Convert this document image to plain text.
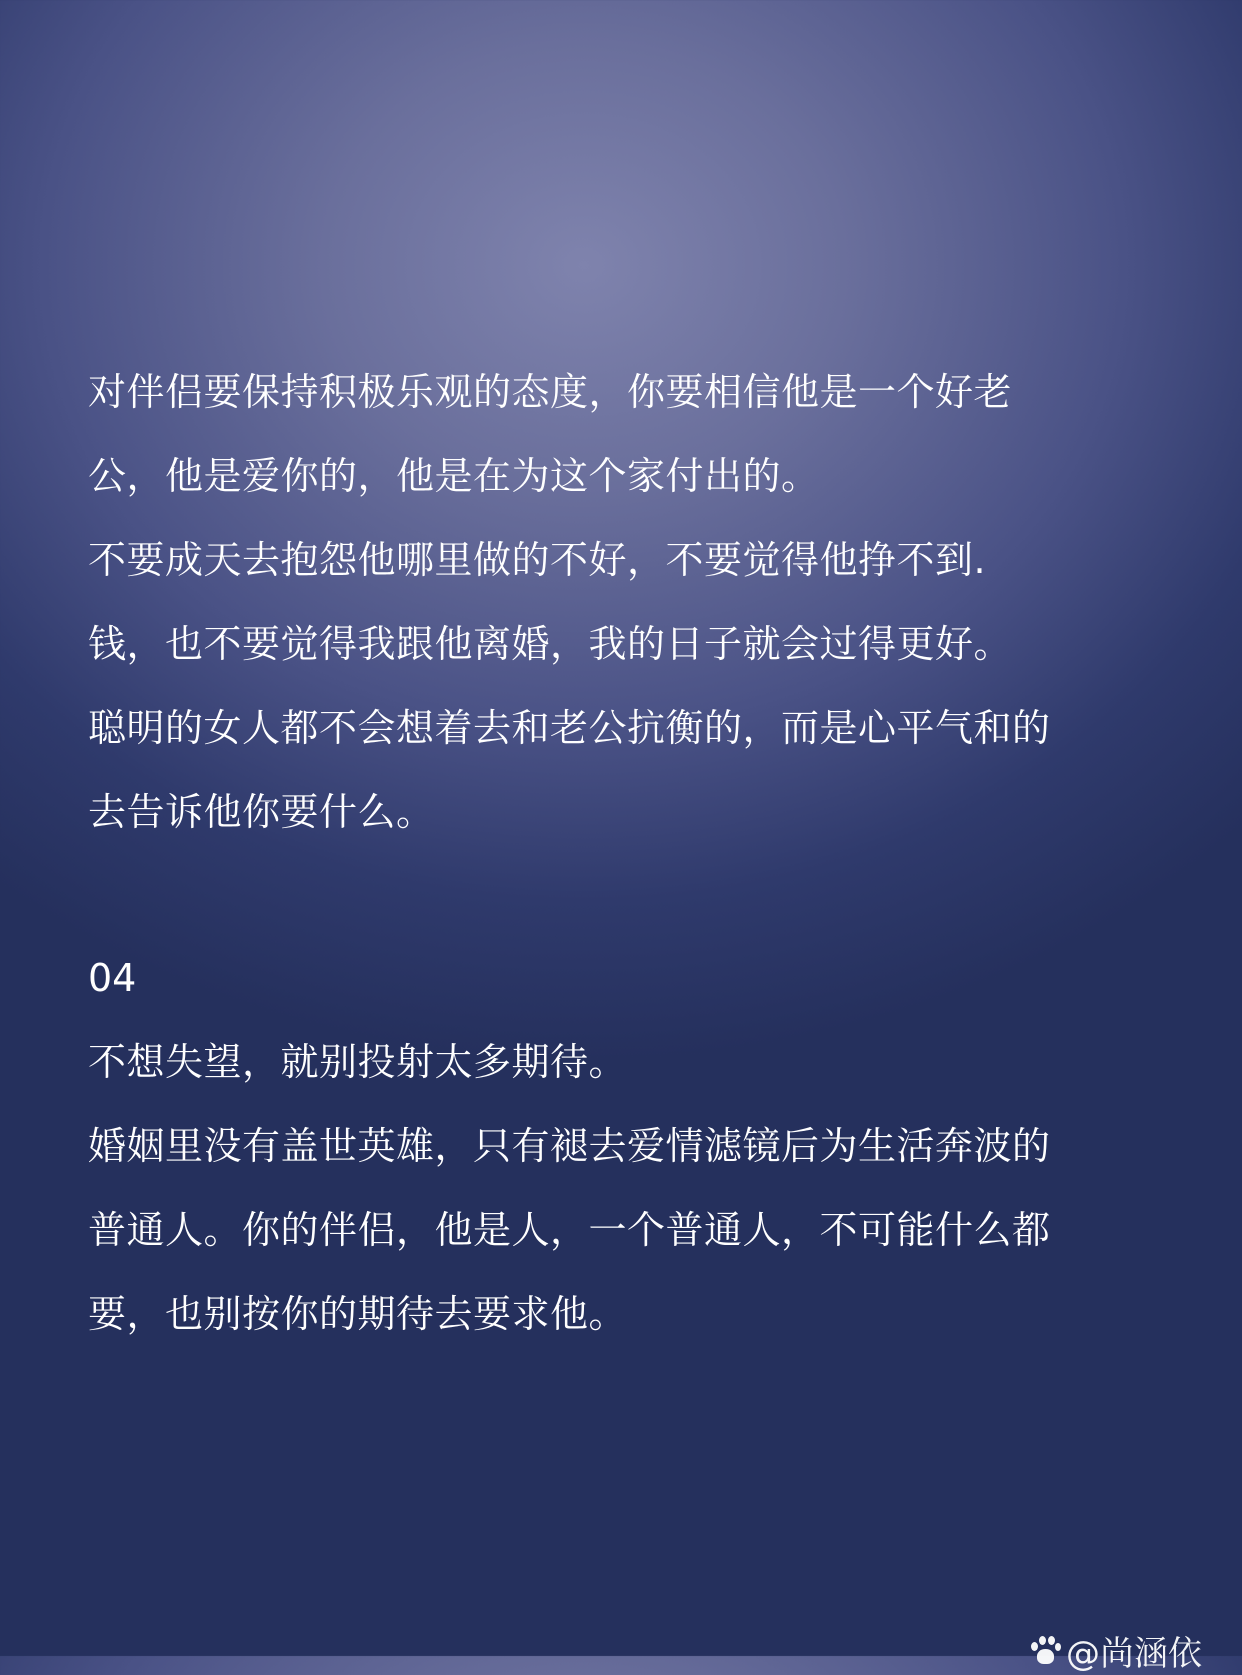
对伴侣要保持积极乐观的态度，你要相信他是一个好老
公，他是爱你的，他是在为这个家付出的。
不要成天去抱怨他哪里做的不好，不要觉得他挣不到.
钱，也不要觉得我跟他离婚，我的日子就会过得更好。
聪明的女人都不会想着去和老公抗衡的，而是心平气和的
去告诉他你要什么。
04
不想失望，就别投射太多期待。
婚姻里没有盖世英雄，只有褪去爱情滤镜后为生活奔波的
普通人。你的伴侣，他是人，一个普通人，不可能什么都
要，也别按你的期待去要求他。
@尚涵依
